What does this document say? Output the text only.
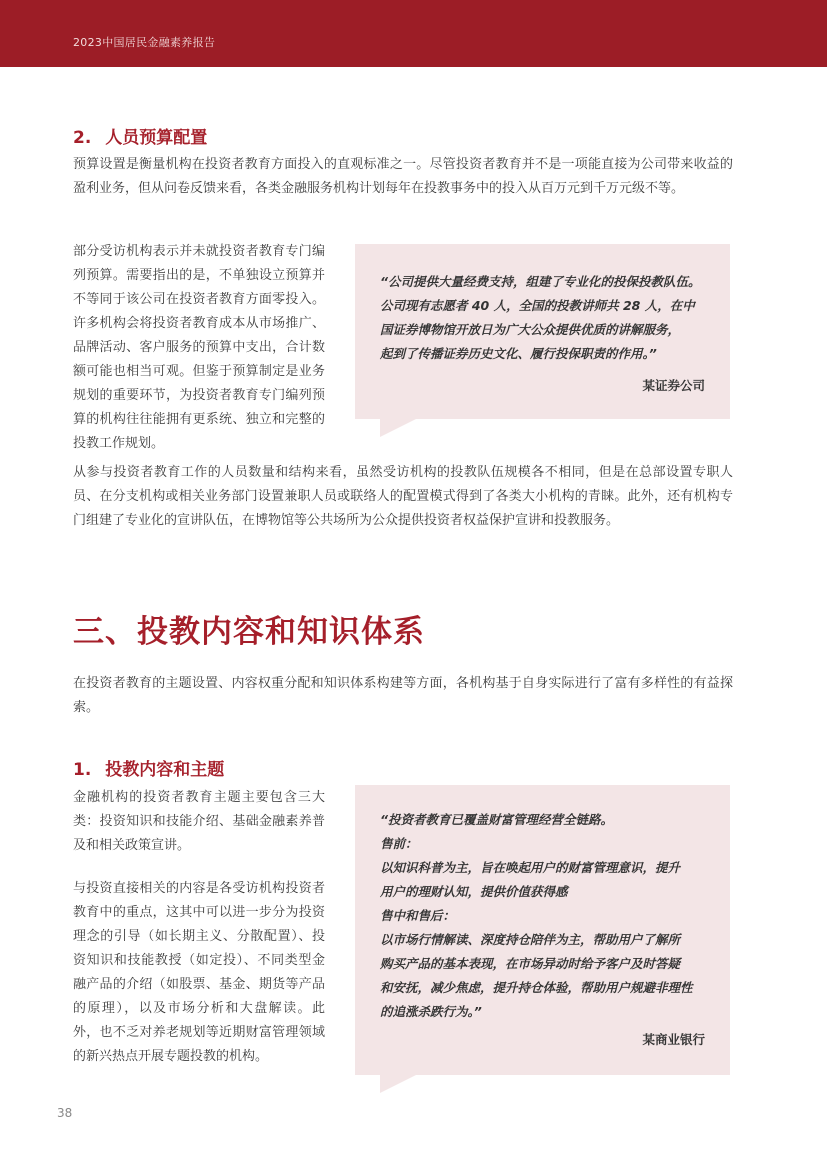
2023中国居民金融素养报告
2. 人员预算配置

预算设置是衡量机构在投资者教育方面投入的直观标准之一。尽管投资者教育并不是一项能直接为公司带来收益的盈利业务，但从问卷反馈来看，各类金融服务机构计划每年在投教事务中的投入从百万元到千万元级不等。

部分受访机构表示并未就投资者教育专门编列预算。需要指出的是，不单独设立预算并不等同于该公司在投资者教育方面零投入。许多机构会将投资者教育成本从市场推广、品牌活动、客户服务的预算中支出，合计数额可能也相当可观。但鉴于预算制定是业务规划的重要环节，为投资者教育专门编列预算的机构往往能拥有更系统、独立和完整的投教工作规划。

“公司提供大量经费支持，组建了专业化的投保投教队伍。
公司现有志愿者 40 人，全国的投教讲师共 28 人，在中
国证券博物馆开放日为广大公众提供优质的讲解服务，
起到了传播证券历史文化、履行投保职责的作用。”

某证券公司

从参与投资者教育工作的人员数量和结构来看，虽然受访机构的投教队伍规模各不相同，但是在总部设置专职人员、在分支机构或相关业务部门设置兼职人员或联络人的配置模式得到了各类大小机构的青睐。此外，还有机构专门组建了专业化的宣讲队伍，在博物馆等公共场所为公众提供投资者权益保护宣讲和投教服务。

三、投教内容和知识体系

在投资者教育的主题设置、内容权重分配和知识体系构建等方面，各机构基于自身实际进行了富有多样性的有益探索。

1. 投教内容和主题

金融机构的投资者教育主题主要包含三大类：投资知识和技能介绍、基础金融素养普及和相关政策宣讲。

与投资直接相关的内容是各受访机构投资者教育中的重点，这其中可以进一步分为投资理念的引导（如长期主义、分散配置）、投资知识和技能教授（如定投）、不同类型金融产品的介绍（如股票、基金、期货等产品的原理），以及市场分析和大盘解读。此外，也不乏对养老规划等近期财富管理领域的新兴热点开展专题投教的机构。

“投资者教育已覆盖财富管理经营全链路。
售前：
以知识科普为主，旨在唤起用户的财富管理意识，提升
用户的理财认知，提供价值获得感
售中和售后：
以市场行情解读、深度持仓陪伴为主，帮助用户了解所
购买产品的基本表现，在市场异动时给予客户及时答疑
和安抚，减少焦虑，提升持仓体验，帮助用户规避非理性
的追涨杀跌行为。”

某商业银行

38
